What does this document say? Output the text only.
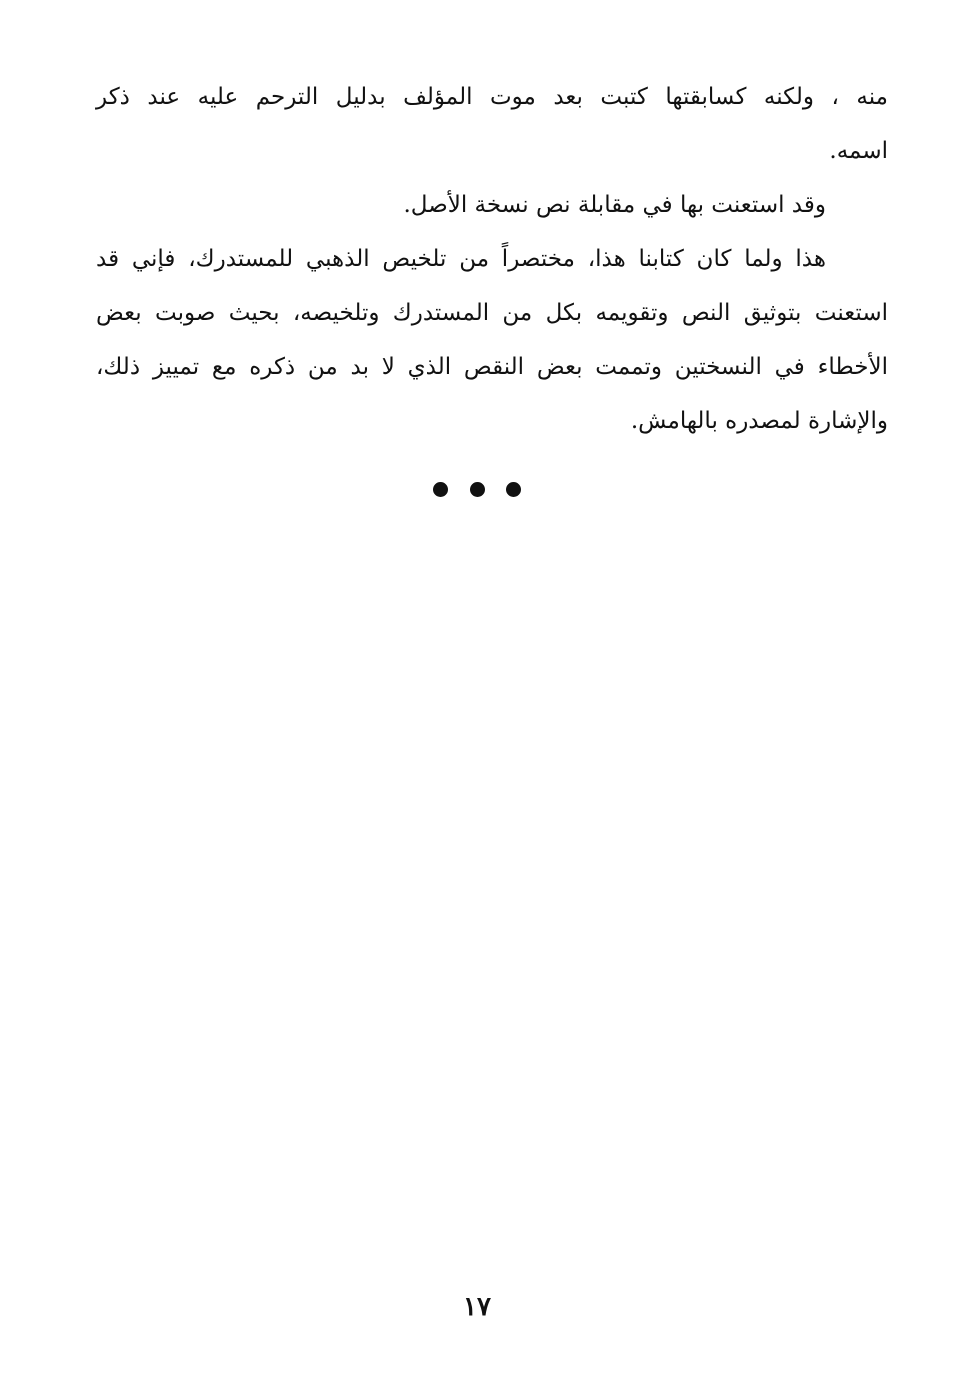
منه ، ولكنه كسابقتها كتبت بعد موت المؤلف بدليل الترحم عليه عند ذكر
اسمه.
وقد استعنت بها في مقابلة نص نسخة الأصل.
هذا ولما كان كتابنا هذا، مختصراً من تلخيص الذهبي للمستدرك، فإني قد
استعنت بتوثيق النص وتقويمه بكل من المستدرك وتلخيصه، بحيث صوبت بعض
الأخطاء في النسختين وتممت بعض النقص الذي لا بد من ذكره مع تمييز ذلك،
والإشارة لمصدره بالهامش.

١٧
